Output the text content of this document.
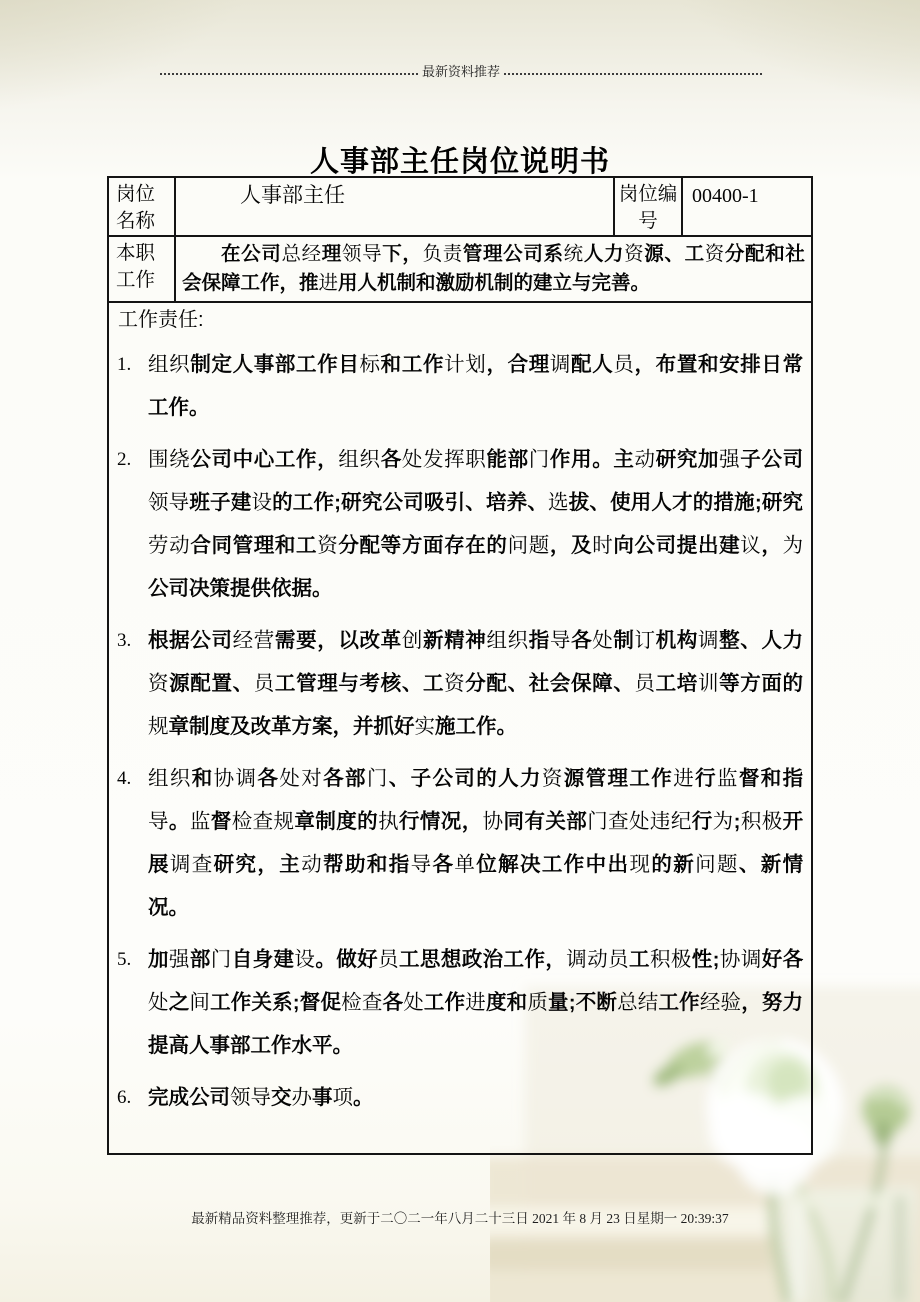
最新资料推荐
人事部主任岗位说明书
岗位名称
人事部主任	岗位编号
00400-1
本职工作

在公司总经理领导下，负责管理公司系统人力资源、工资分配和社会保障工作，推进用人机制和激励机制的建立与完善。

工作责任:
1. 组织制定人事部工作目标和工作计划，合理调配人员，布置和安排日常工作。
2. 围绕公司中心工作，组织各处发挥职能部门作用。主动研究加强子公司领导班子建设的工作;研究公司吸引、培养、选拔、使用人才的措施;研究劳动合同管理和工资分配等方面存在的问题，及时向公司提出建议，为公司决策提供依据。
3. 根据公司经营需要，以改革创新精神组织指导各处制订机构调整、人力资源配置、员工管理与考核、工资分配、社会保障、员工培训等方面的规章制度及改革方案，并抓好实施工作。
4. 组织和协调各处对各部门、子公司的人力资源管理工作进行监督和指导。监督检查规章制度的执行情况，协同有关部门查处违纪行为;积极开展调查研究，主动帮助和指导各单位解决工作中出现的新问题、新情况。
5. 加强部门自身建设。做好员工思想政治工作，调动员工积极性;协调好各处之间工作关系;督促检查各处工作进度和质量;不断总结工作经验，努力提高人事部工作水平。
6. 完成公司领导交办事项。
最新精品资料整理推荐，更新于二〇二一年八月二十三日 2021 年 8 月 23 日星期一 20:39:37
